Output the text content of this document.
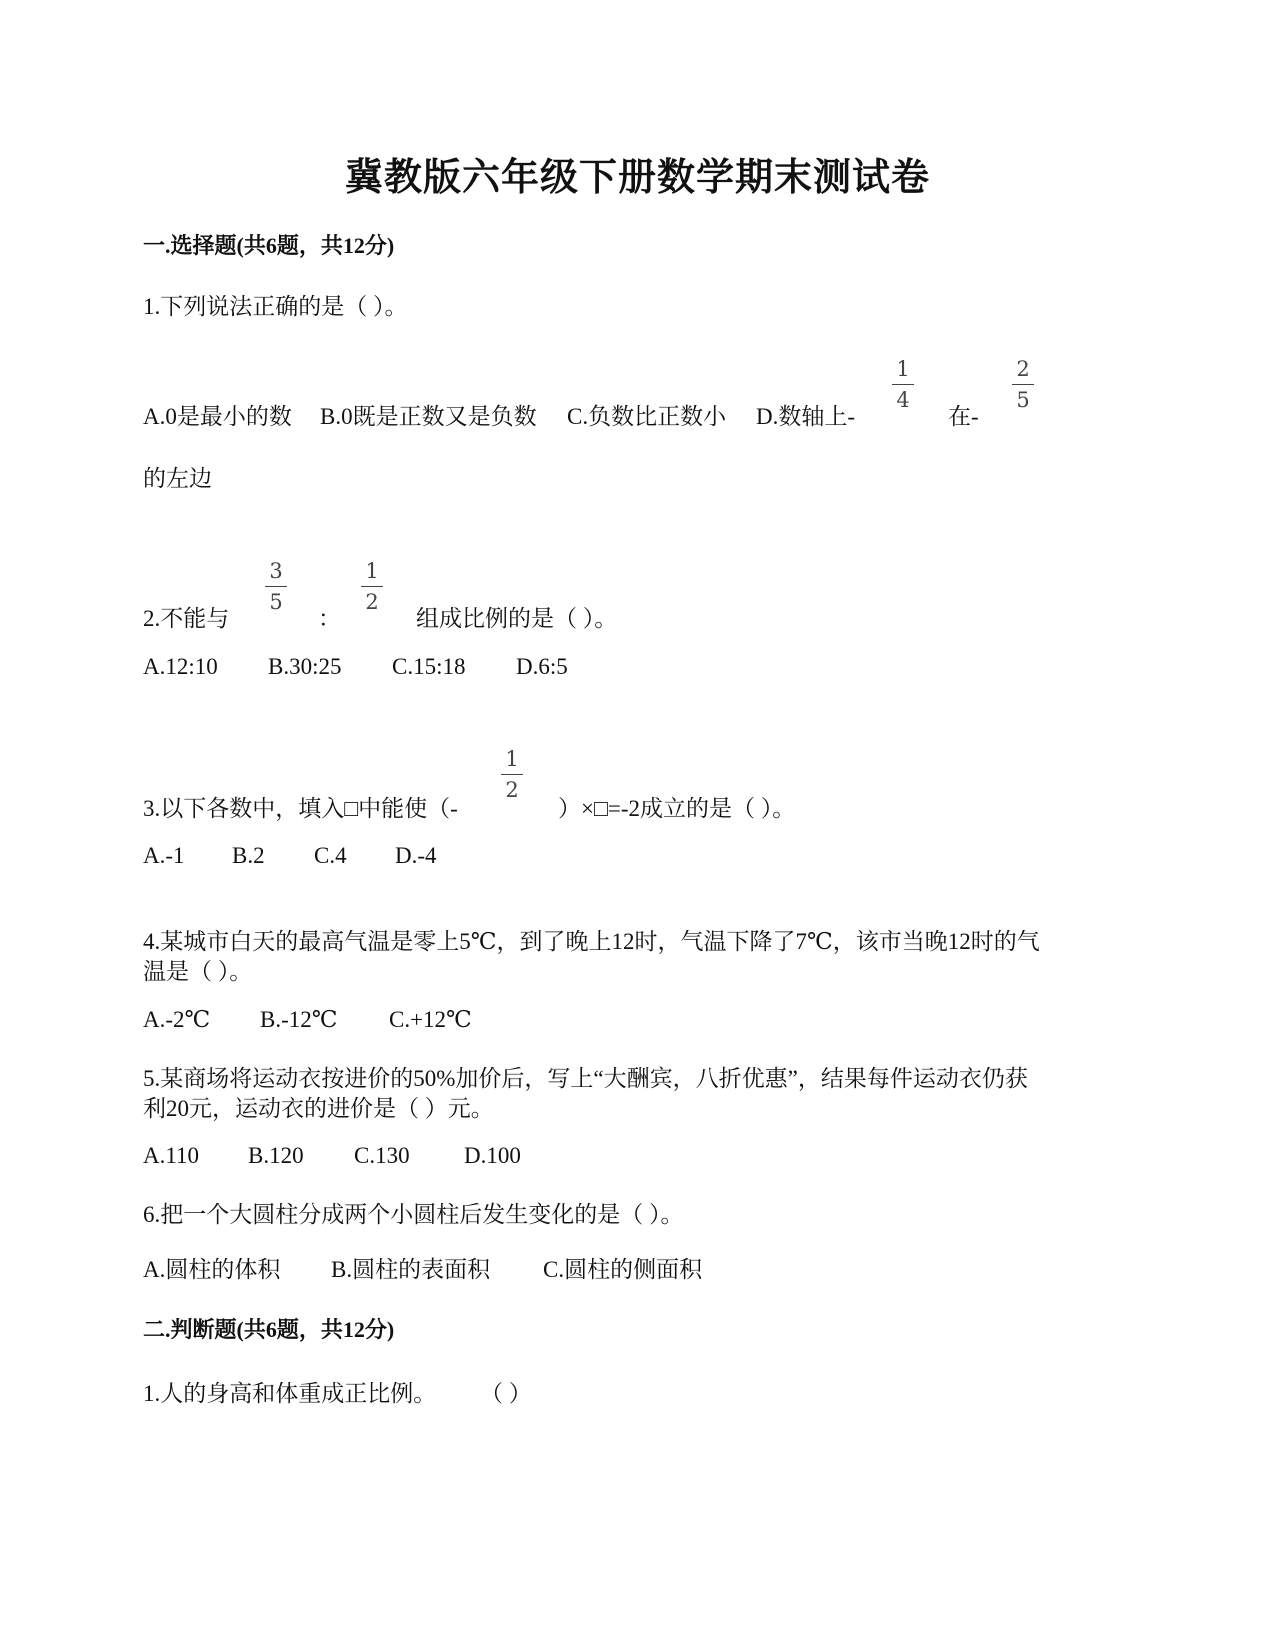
冀教版六年级下册数学期末测试卷
一.选择题(共6题，共12分)
1.下列说法正确的是（ ）。
A.0是最小的数 B.0既是正数又是负数 C.负数比正数小 D.数轴上-
1
4
在-
2
5
的左边
2.不能与
3
5
：
1
2
组成比例的是（ ）。
A.12:10 B.30:25 C.15:18 D.6:5
3.以下各数中，填入□中能使（-
1
2
）×□=-2成立的是（ ）。
A.-1 B.2 C.4 D.-4
4.某城市白天的最高气温是零上5℃，到了晚上12时，气温下降了7℃，该市当晚12时的气
温是（ ）。
A.-2℃ B.-12℃ C.+12℃
5.某商场将运动衣按进价的50%加价后，写上“大酬宾，八折优惠”，结果每件运动衣仍获
利20元，运动衣的进价是（ ）元。
A.110 B.120 C.130 D.100
6.把一个大圆柱分成两个小圆柱后发生变化的是（ ）。
A.圆柱的体积 B.圆柱的表面积 C.圆柱的侧面积
二.判断题(共6题，共12分)
1.人的身高和体重成正比例。 （ ）
